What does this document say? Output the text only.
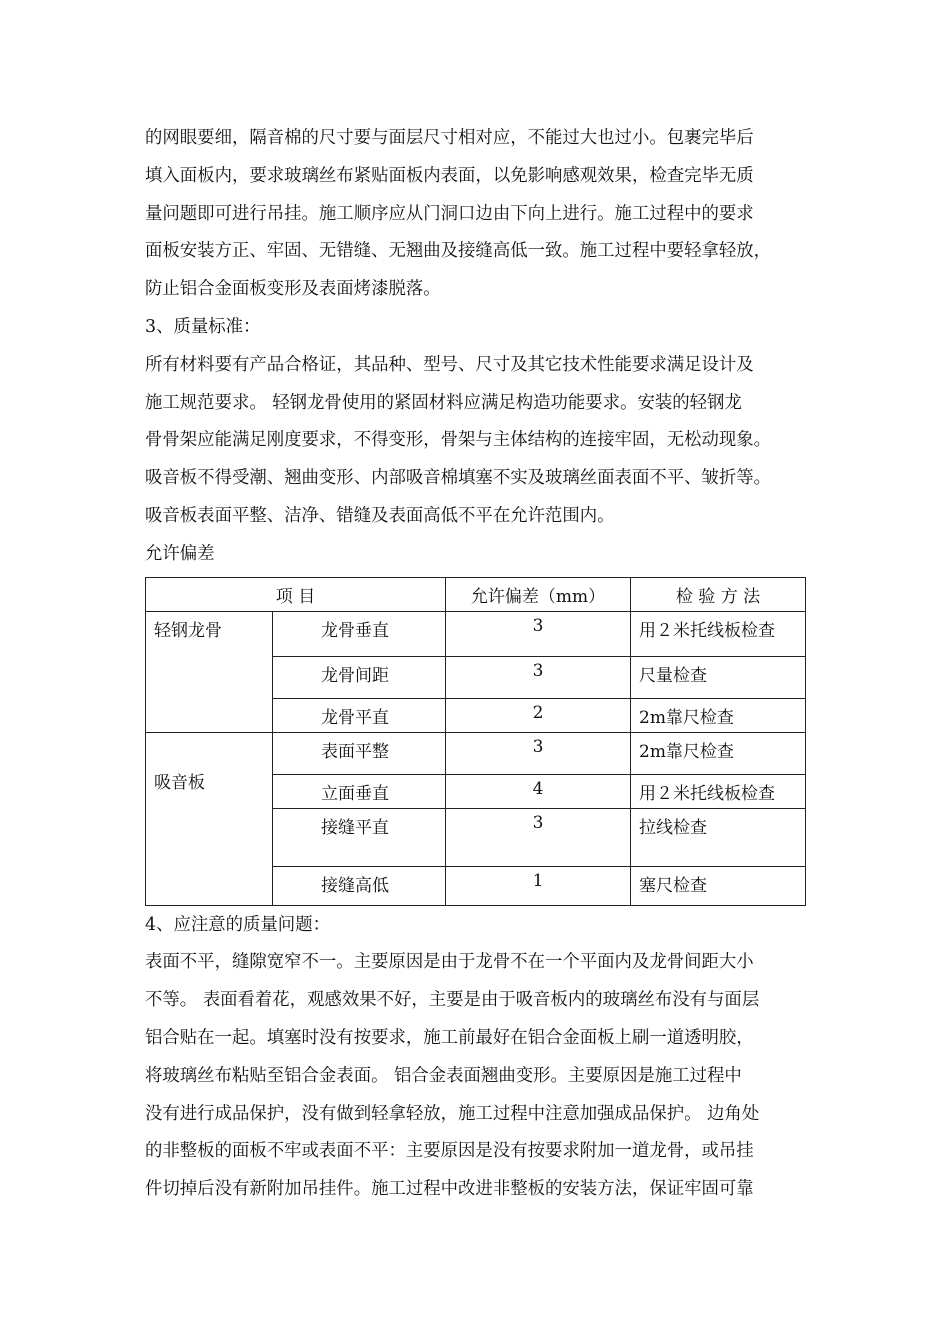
的网眼要细，隔音棉的尺寸要与面层尺寸相对应，不能过大也过小。包裹完毕后
填入面板内，要求玻璃丝布紧贴面板内表面，以免影响感观效果，检查完毕无质
量问题即可进行吊挂。施工顺序应从门洞口边由下向上进行。施工过程中的要求
面板安装方正、牢固、无错缝、无翘曲及接缝高低一致。施工过程中要轻拿轻放，
防止铝合金面板变形及表面烤漆脱落。

3、质量标准：

所有材料要有产品合格证，其品种、型号、尺寸及其它技术性能要求满足设计及
施工规范要求。 轻钢龙骨使用的紧固材料应满足构造功能要求。安装的轻钢龙
骨骨架应能满足刚度要求，不得变形，骨架与主体结构的连接牢固，无松动现象。
吸音板不得受潮、翘曲变形、内部吸音棉填塞不实及玻璃丝面表面不平、皱折等。
吸音板表面平整、洁净、错缝及表面高低不平在允许范围内。

允许偏差

项 目		允许偏差（mm）	检 验 方 法
轻钢龙骨	龙骨垂直	3	用２米托线板检查
	龙骨间距	3	尺量检查
	龙骨平直	2	2m靠尺检查
吸音板	表面平整	3	2m靠尺检查
	立面垂直	4	用２米托线板检查
	接缝平直	3	拉线检查
	接缝高低	1	塞尺检查

4、应注意的质量问题：

表面不平，缝隙宽窄不一。主要原因是由于龙骨不在一个平面内及龙骨间距大小
不等。 表面看着花，观感效果不好，主要是由于吸音板内的玻璃丝布没有与面层
铝合贴在一起。填塞时没有按要求，施工前最好在铝合金面板上刷一道透明胶，
将玻璃丝布粘贴至铝合金表面。 铝合金表面翘曲变形。主要原因是施工过程中
没有进行成品保护，没有做到轻拿轻放，施工过程中注意加强成品保护。 边角处
的非整板的面板不牢或表面不平：主要原因是没有按要求附加一道龙骨，或吊挂
件切掉后没有新附加吊挂件。施工过程中改进非整板的安装方法，保证牢固可靠
